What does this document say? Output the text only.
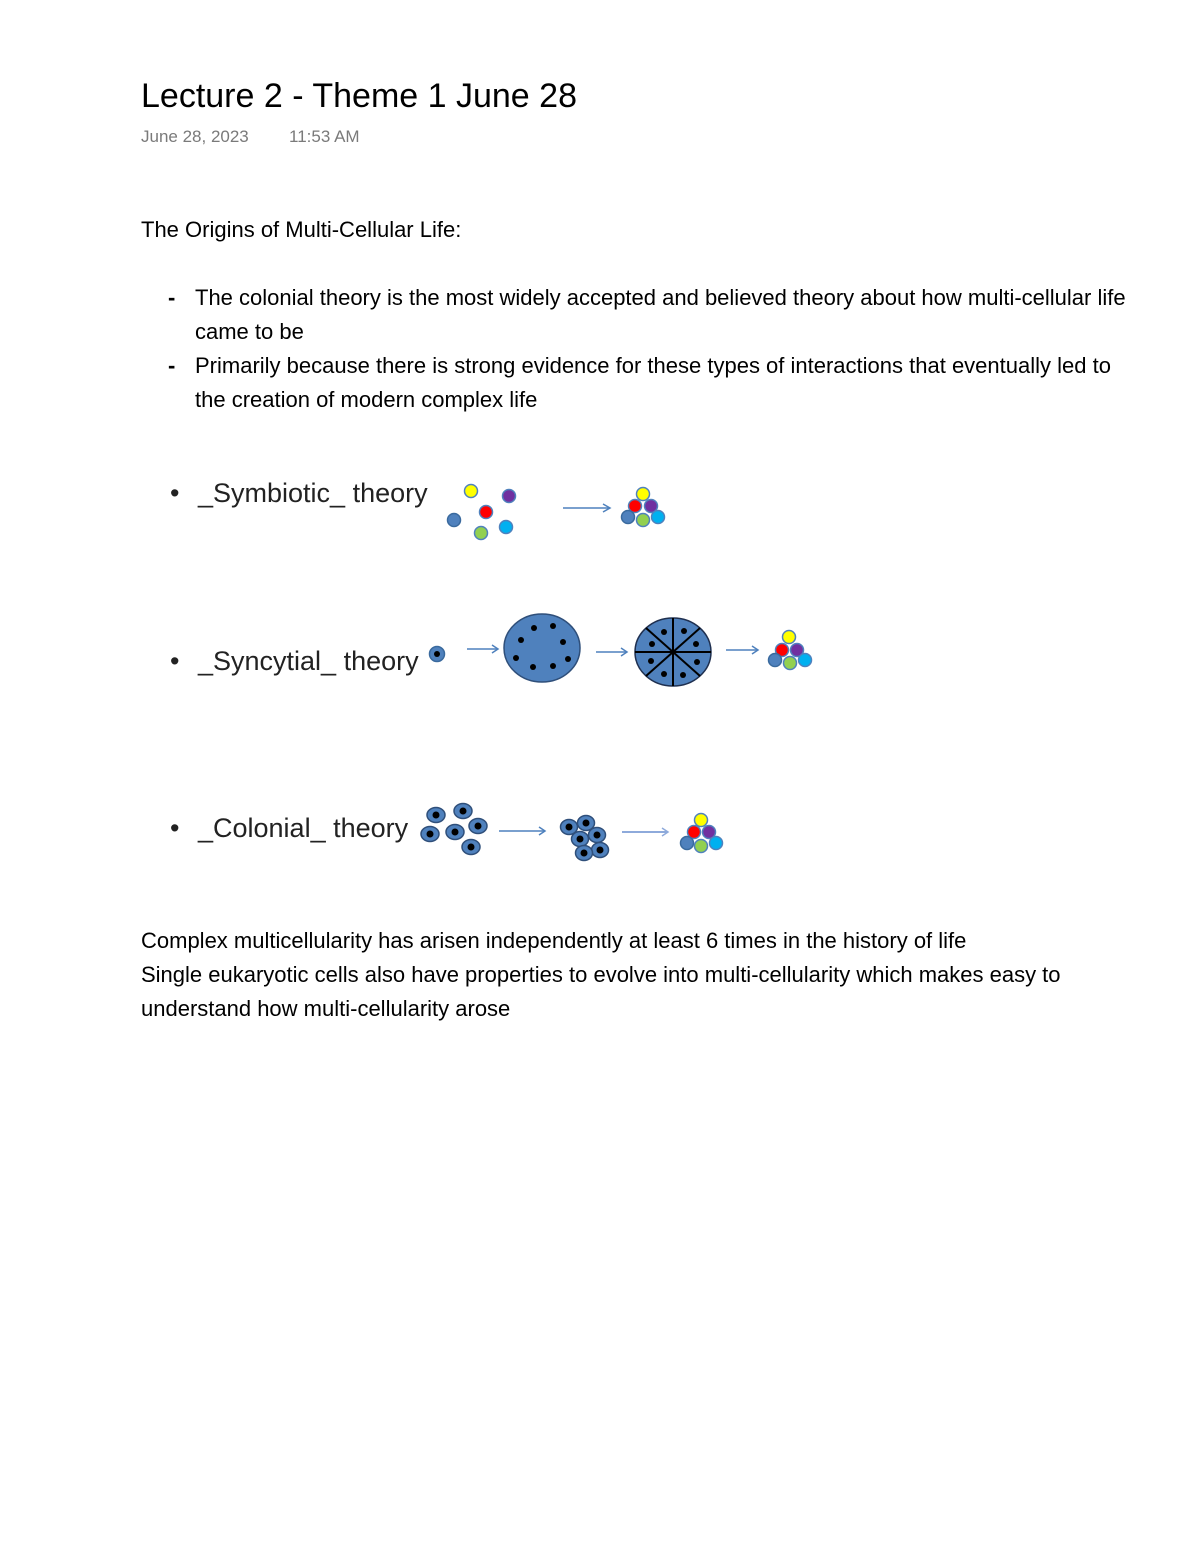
Lecture 2 - Theme 1 June 28
June 28, 2023 11:53 AM
The Origins of Multi-Cellular Life:
- The colonial theory is the most widely accepted and believed theory about how multi-cellular life came to be
- Primarily because there is strong evidence for these types of interactions that eventually led to the creation of modern complex life
• _Symbiotic_ theory
• _Syncytial_ theory
• _Colonial_ theory
Complex multicellularity has arisen independently at least 6 times in the history of life
Single eukaryotic cells also have properties to evolve into multi-cellularity which makes easy to understand how multi-cellularity arose
